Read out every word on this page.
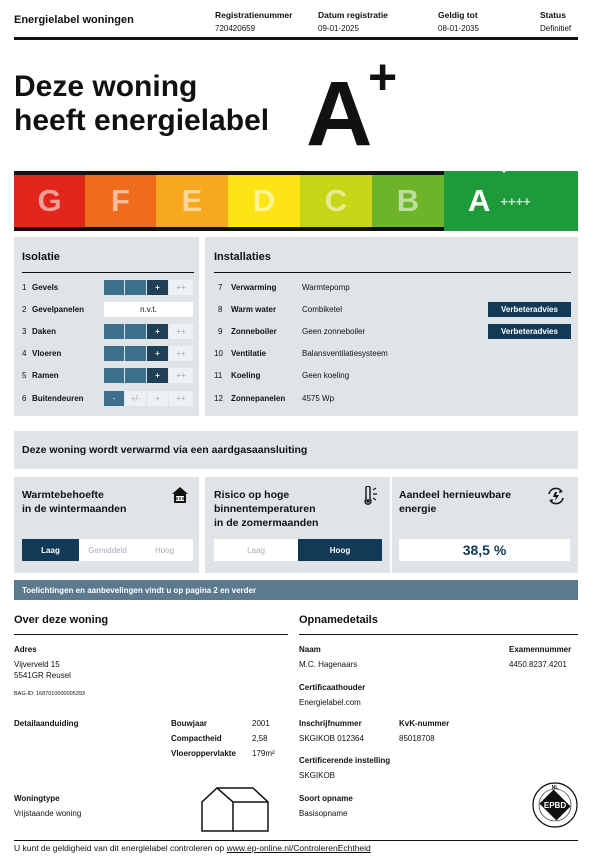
Energielabel woningen	Registratienummer
720420659
Datum registratie
09-01-2025
Geldig tot
08-01-2035
Status
Definitief
Deze woning
heeft energielabel A
+
G	F	E	D	C	B	A ++++
Isolatie
1 Gevels	+	++
2 Gevelpanelen	n.v.t.
3 Daken	+	++
4 Vloeren	+	++
5 Ramen	+	++
6 Buitendeuren	-	+/-	+	++
Installaties
7	Verwarming	Warmtepomp
8	Warm water	Combiketel	Verbeteradvies
9	Zonneboiler	Geen zonneboiler	Verbeteradvies
10	Ventilatie	Balansventilatiesysteem
11	Koeling	Geen koeling
12	Zonnepanelen 4575 Wp
Deze woning wordt verwarmd via een aardgasaansluiting
Warmtebehoefte
in de wintermaanden
Laag	Gemiddeld	Hoog
Risico op hoge
binnentemperaturen
in de zomermaanden
Laag	Hoog
Aandeel hernieuwbare
energie
38,5 %
Toelichtingen en aanbevelingen vindt u op pagina 2 en verder
Over deze woning
Adres
Vijverveld 15
5541GR Reusel
BAG-ID: 1687010000005393
Detailaanduiding	Bouwjaar	2001
Compactheid	2,58
Vloeroppervlakte 179m²
Woningtype
Vrijstaande woning
Opnamedetails
Naam
M.C. Hagenaars
Examennummer
4450.8237.4201
Certificaathouder
Energielabel.com
Inschrijfnummer
SKGIKOB 012364
KvK-nummer
85018708
Certificerende instelling
SKGIKOB
Soort opname
Basisopname
EPBD
NL
U kunt de geldigheid van dit energielabel controleren op www.ep-online.nl/ControlerenEchtheid
